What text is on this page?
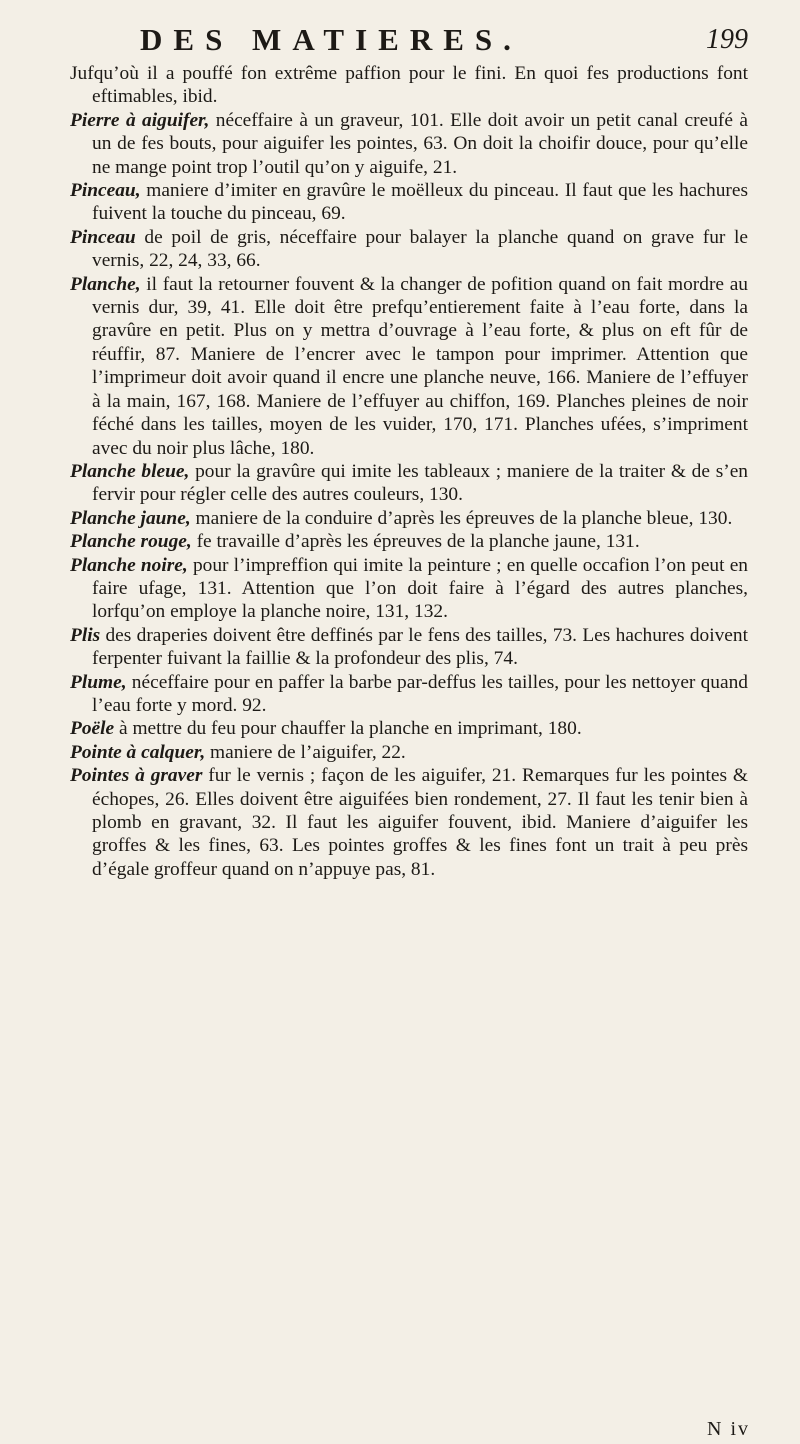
DES MATIERES.	199

Jufqu’où il a pouffé fon extrême paffion pour le fini. En quoi fes productions font eftimables, ibid.

Pierre à aiguifer, néceffaire à un graveur, 101. Elle doit avoir un petit canal creufé à un de fes bouts, pour aiguifer les pointes, 63. On doit la choifir douce, pour qu’elle ne mange point trop l’outil qu’on y aiguife, 21.

Pinceau, maniere d’imiter en gravûre le moëlleux du pinceau. Il faut que les hachures fuivent la touche du pinceau, 69.

Pinceau de poil de gris, néceffaire pour balayer la planche quand on grave fur le vernis, 22, 24, 33, 66.

Planche, il faut la retourner fouvent & la changer de pofition quand on fait mordre au vernis dur, 39, 41. Elle doit être prefqu’entierement faite à l’eau forte, dans la gravûre en petit. Plus on y mettra d’ouvrage à l’eau forte, & plus on eft fûr de réuffir, 87. Maniere de l’encrer avec le tampon pour imprimer. Attention que l’imprimeur doit avoir quand il encre une planche neuve, 166. Maniere de l’effuyer à la main, 167, 168. Maniere de l’effuyer au chiffon, 169. Planches pleines de noir féché dans les tailles, moyen de les vuider, 170, 171. Planches ufées, s’impriment avec du noir plus lâche, 180.

Planche bleue, pour la gravûre qui imite les tableaux ; maniere de la traiter & de s’en fervir pour régler celle des autres couleurs, 130.

Planche jaune, maniere de la conduire d’après les épreuves de la planche bleue, 130.

Planche rouge, fe travaille d’après les épreuves de la planche jaune, 131.

Planche noire, pour l’impreffion qui imite la peinture ; en quelle occafion l’on peut en faire ufage, 131. Attention que l’on doit faire à l’égard des autres planches, lorfqu’on employe la planche noire, 131, 132.

Plis des draperies doivent être deffinés par le fens des tailles, 73. Les hachures doivent ferpenter fuivant la faillie & la profondeur des plis, 74.

Plume, néceffaire pour en paffer la barbe par-deffus les tailles, pour les nettoyer quand l’eau forte y mord. 92.

Poële à mettre du feu pour chauffer la planche en imprimant, 180.

Pointe à calquer, maniere de l’aiguifer, 22.

Pointes à graver fur le vernis ; façon de les aiguifer, 21. Remarques fur les pointes & échopes, 26. Elles doivent être aiguifées bien rondement, 27. Il faut les tenir bien à plomb en gravant, 32. Il faut les aiguifer fouvent, ibid. Maniere d’aiguifer les groffes & les fines, 63. Les pointes groffes & les fines font un trait à peu près d’égale groffeur quand on n’appuye pas, 81.

N iv
